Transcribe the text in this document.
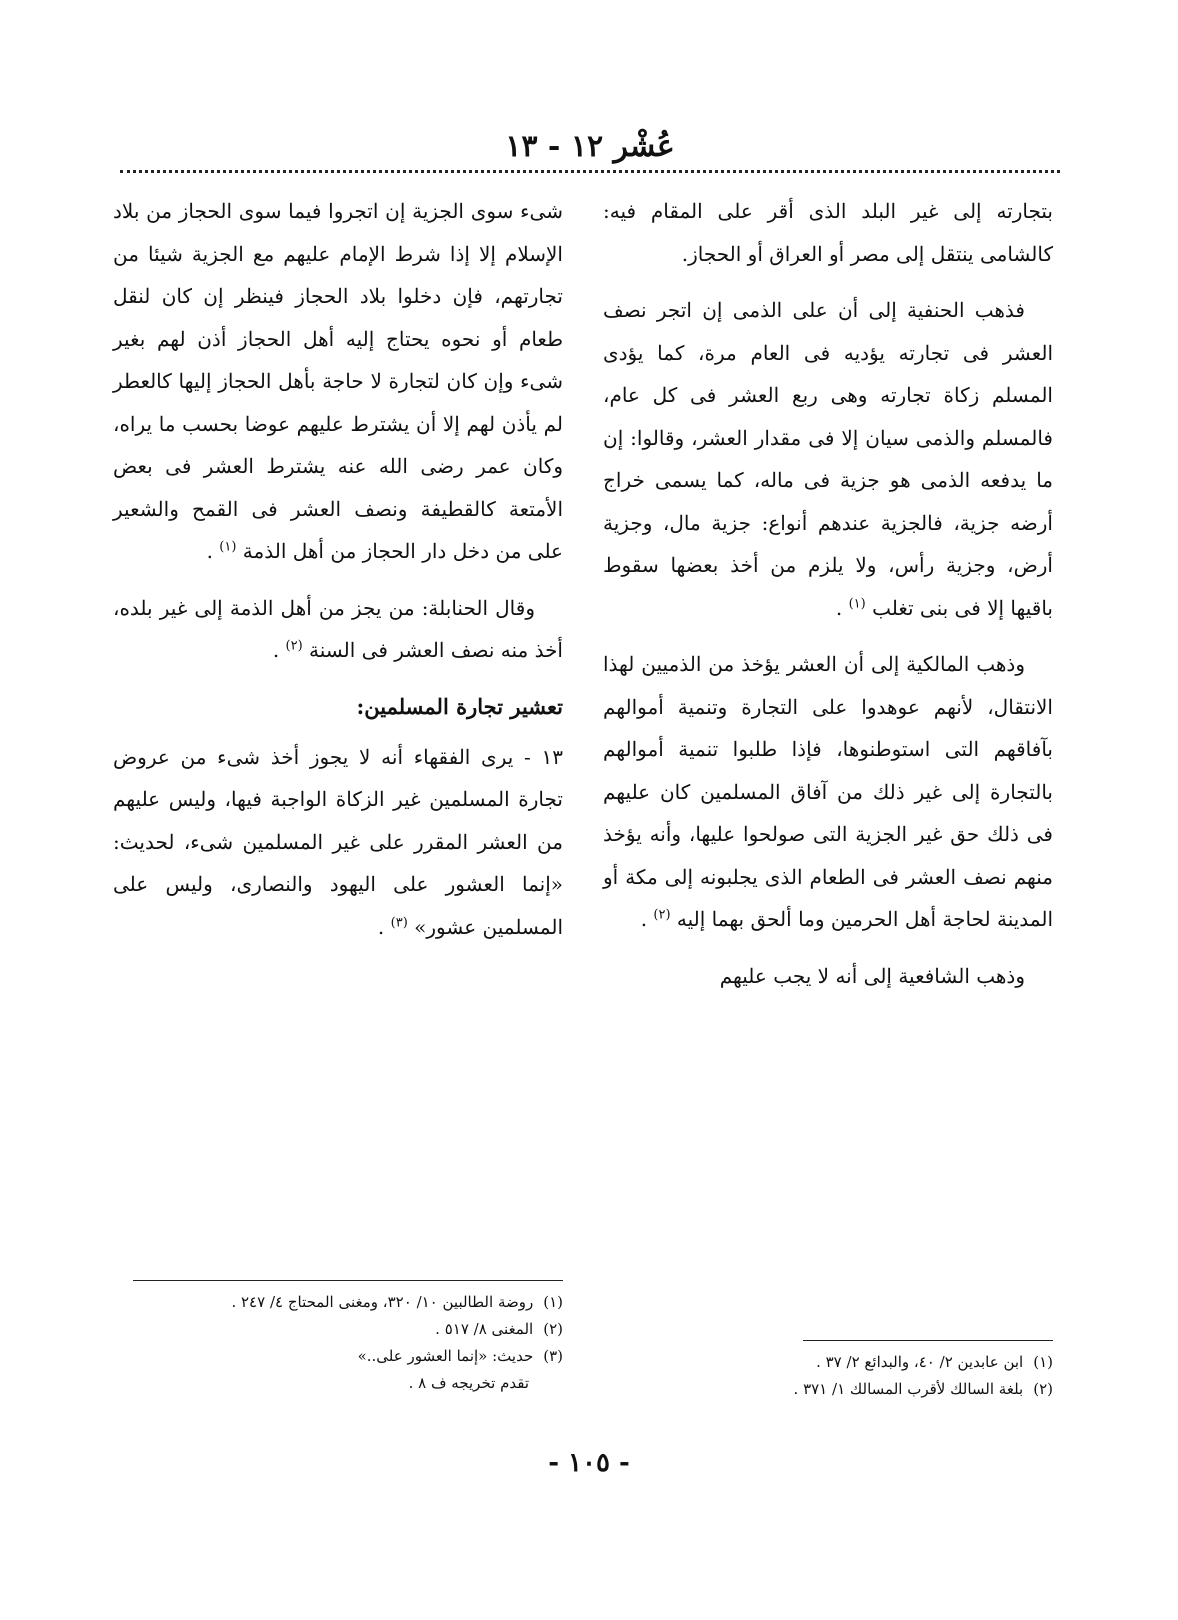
عُشْر ١٢ - ١٣

بتجارته إلى غير البلد الذى أقر على المقام فيه: كالشامى ينتقل إلى مصر أو العراق أو الحجاز.

فذهب الحنفية إلى أن على الذمى إن اتجر نصف العشر فى تجارته يؤديه فى العام مرة، كما يؤدى المسلم زكاة تجارته وهى ربع العشر فى كل عام، فالمسلم والذمى سيان إلا فى مقدار العشر، وقالوا: إن ما يدفعه الذمى هو جزية فى ماله، كما يسمى خراج أرضه جزية، فالجزية عندهم أنواع: جزية مال، وجزية أرض، وجزية رأس، ولا يلزم من أخذ بعضها سقوط باقيها إلا فى بنى تغلب $^{(١)}$ .

وذهب المالكية إلى أن العشر يؤخذ من الذميين لهذا الانتقال، لأنهم عوهدوا على التجارة وتنمية أموالهم بآفاقهم التى استوطنوها، فإذا طلبوا تنمية أموالهم بالتجارة إلى غير ذلك من آفاق المسلمين كان عليهم فى ذلك حق غير الجزية التى صولحوا عليها، وأنه يؤخذ منهم نصف العشر فى الطعام الذى يجلبونه إلى مكة أو المدينة لحاجة أهل الحرمين وما ألحق بهما إليه $^{(٢)}$ .

وذهب الشافعية إلى أنه لا يجب عليهم

شىء سوى الجزية إن اتجروا فيما سوى الحجاز من بلاد الإسلام إلا إذا شرط الإمام عليهم مع الجزية شيئا من تجارتهم، فإن دخلوا بلاد الحجاز فينظر إن كان لنقل طعام أو نحوه يحتاج إليه أهل الحجاز أذن لهم بغير شىء وإن كان لتجارة لا حاجة بأهل الحجاز إليها كالعطر لم يأذن لهم إلا أن يشترط عليهم عوضا بحسب ما يراه، وكان عمر رضى الله عنه يشترط العشر فى بعض الأمتعة كالقطيفة ونصف العشر فى القمح والشعير على من دخل دار الحجاز من أهل الذمة $^{(١)}$ .

وقال الحنابلة: من يجز من أهل الذمة إلى غير بلده، أخذ منه نصف العشر فى السنة $^{(٢)}$ .

تعشير تجارة المسلمين:

١٣ - يرى الفقهاء أنه لا يجوز أخذ شىء من عروض تجارة المسلمين غير الزكاة الواجبة فيها، وليس عليهم من العشر المقرر على غير المسلمين شىء، لحديث: «إنما العشور على اليهود والنصارى، وليس على المسلمين عشور» $^{(٣)}$ .

(١)
ابن عابدين ٢/ ٤٠، والبدائع ٢/ ٣٧ .
(٢)
بلغة السالك لأقرب المسالك ١/ ٣٧١ .
(١)
روضة الطالبين ١٠/ ٣٢٠، ومغنى المحتاج ٤/ ٢٤٧ .
(٢)
المغنى ٨/ ٥١٧ .
(٣)
حديث: «إنما العشور على..»
تقدم تخريجه ف ٨ .
- ١٠٥ -
